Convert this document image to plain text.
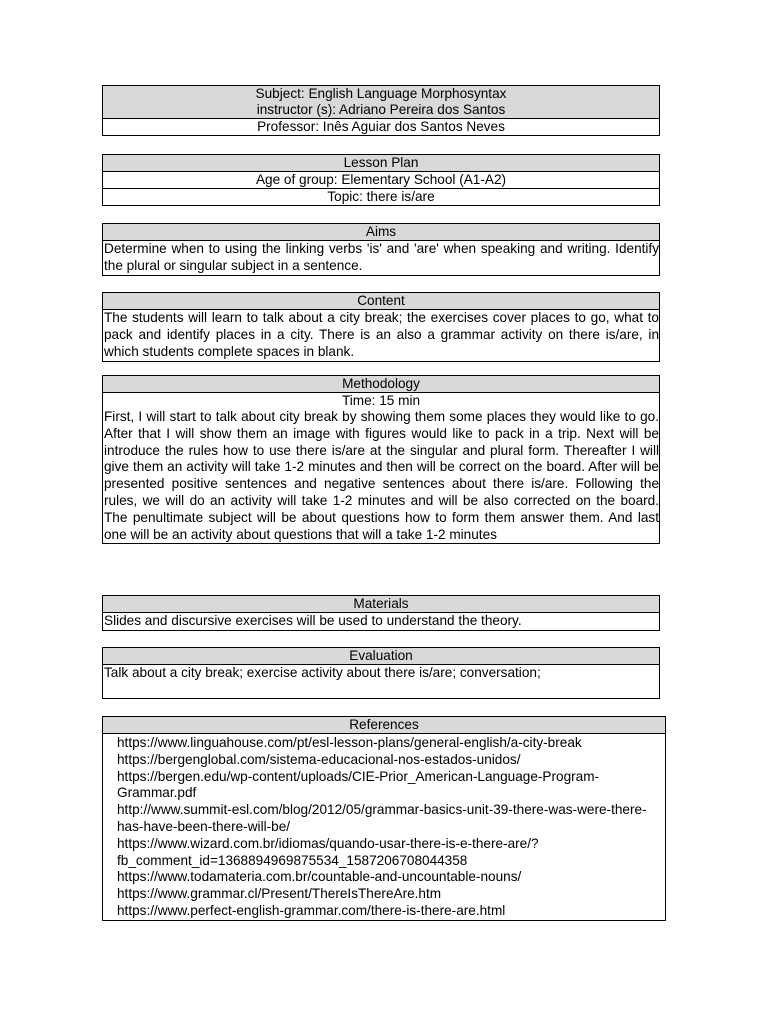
Subject: English Language Morphosyntax
instructor (s): Adriano Pereira dos Santos
Professor: Inês Aguiar dos Santos Neves
Lesson Plan
Age of group: Elementary School (A1-A2)
Topic: there is/are
Aims
Determine when to using the linking verbs 'is' and 'are' when speaking and writing. Identify the plural or singular subject in a sentence.
Content
The students will learn to talk about a city break; the exercises cover places to go, what to pack and identify places in a city. There is an also a grammar activity on there is/are, in which students complete spaces in blank.
Methodology
Time: 15 min
First, I will start to talk about city break by showing them some places they would like to go. After that I will show them an image with figures would like to pack in a trip. Next will be introduce the rules how to use there is/are at the singular and plural form. Thereafter I will give them an activity will take 1-2 minutes and then will be correct on the board. After will be presented positive sentences and negative sentences about there is/are. Following the rules, we will do an activity will take 1-2 minutes and will be also corrected on the board. The penultimate subject will be about questions how to form them answer them. And last one will be an activity about questions that will a take 1-2 minutes
Materials
Slides and discursive exercises will be used to understand the theory.
Evaluation
Talk about a city break; exercise activity about there is/are; conversation;
References
https://www.linguahouse.com/pt/esl-lesson-plans/general-english/a-city-break
https://bergenglobal.com/sistema-educacional-nos-estados-unidos/
https://bergen.edu/wp-content/uploads/CIE-Prior_American-Language-Program-Grammar.pdf
http://www.summit-esl.com/blog/2012/05/grammar-basics-unit-39-there-was-were-there-has-have-been-there-will-be/
https://www.wizard.com.br/idiomas/quando-usar-there-is-e-there-are/?fb_comment_id=1368894969875534_1587206708044358
https://www.todamateria.com.br/countable-and-uncountable-nouns/
https://www.grammar.cl/Present/ThereIsThereAre.htm
https://www.perfect-english-grammar.com/there-is-there-are.html
